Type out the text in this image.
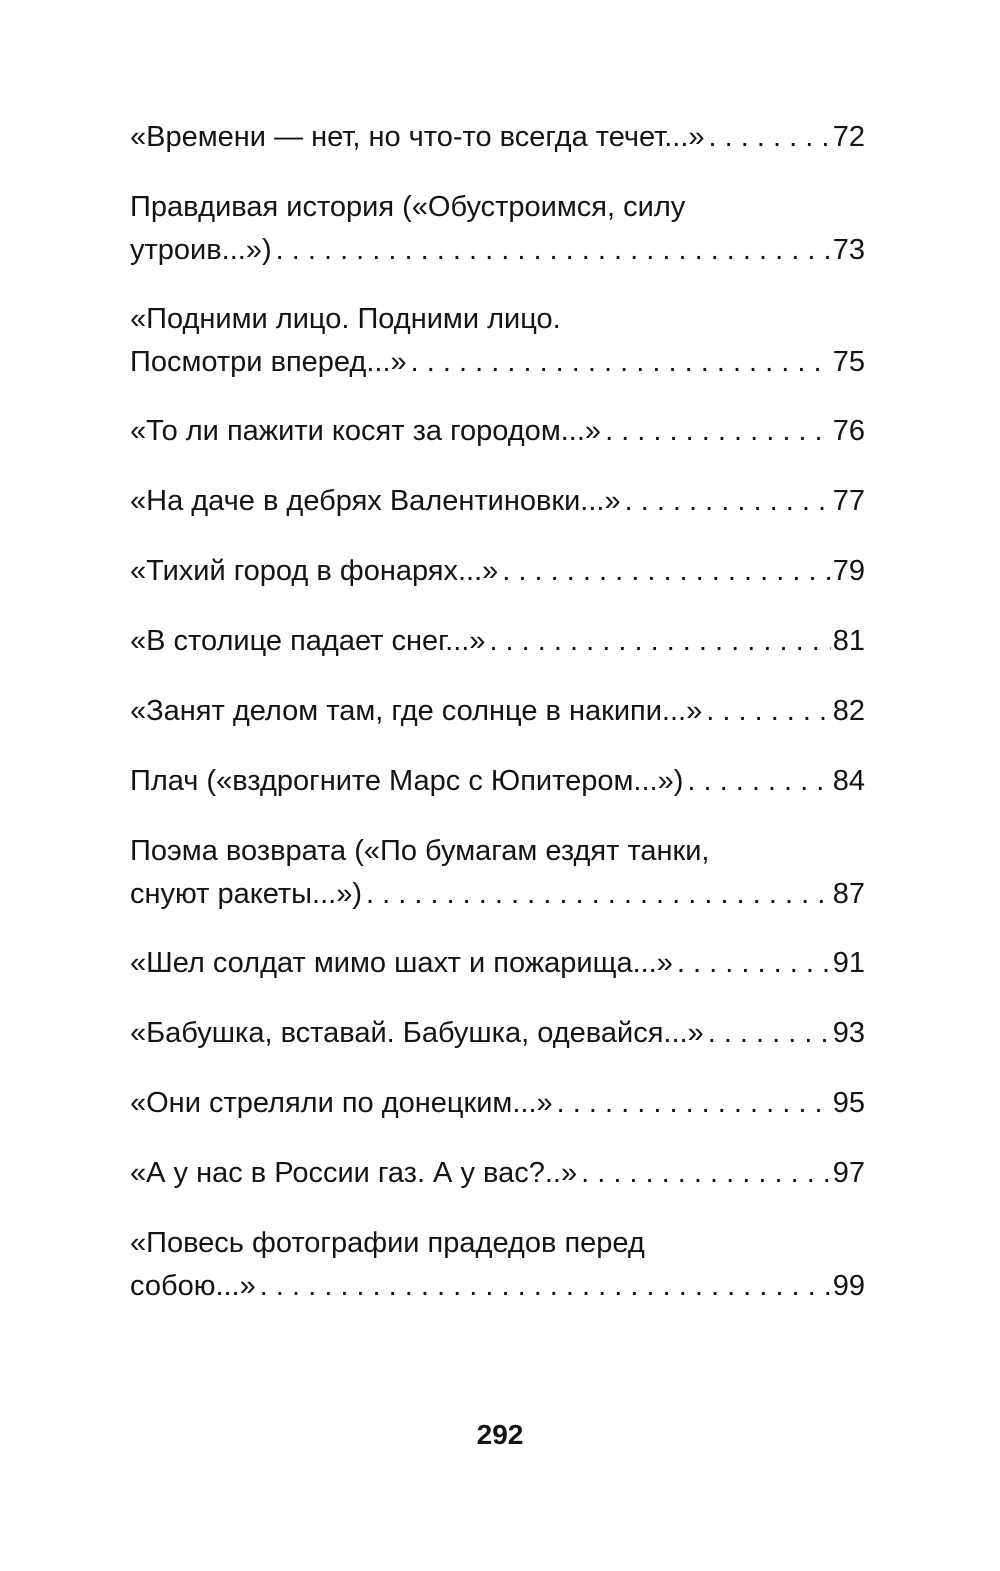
«Времени — нет, но что-то всегда течет...» . . .	72
Правдивая история («Обустроимся, силу
утроив...») . . .	73
«Подними лицо. Подними лицо.
Посмотри вперед...» . . .	75
«То ли пажити косят за городом...» . . .	76
«На даче в дебрях Валентиновки...» . . .	77
«Тихий город в фонарях...» . . .	79
«В столице падает снег...» . . .	81
«Занят делом там, где солнце в накипи...» . . .	82
Плач («вздрогните Марс с Юпитером...») . . .	84
Поэма возврата («По бумагам ездят танки,
снуют ракеты...») . . .	87
«Шел солдат мимо шахт и пожарища...» . . .	91
«Бабушка, вставай. Бабушка, одевайся...» . . .	93
«Они стреляли по донецким...» . . .	95
«А у нас в России газ. А у вас?..» . . .	97
«Повесь фотографии прадедов перед
собою...» . . .	99
292
